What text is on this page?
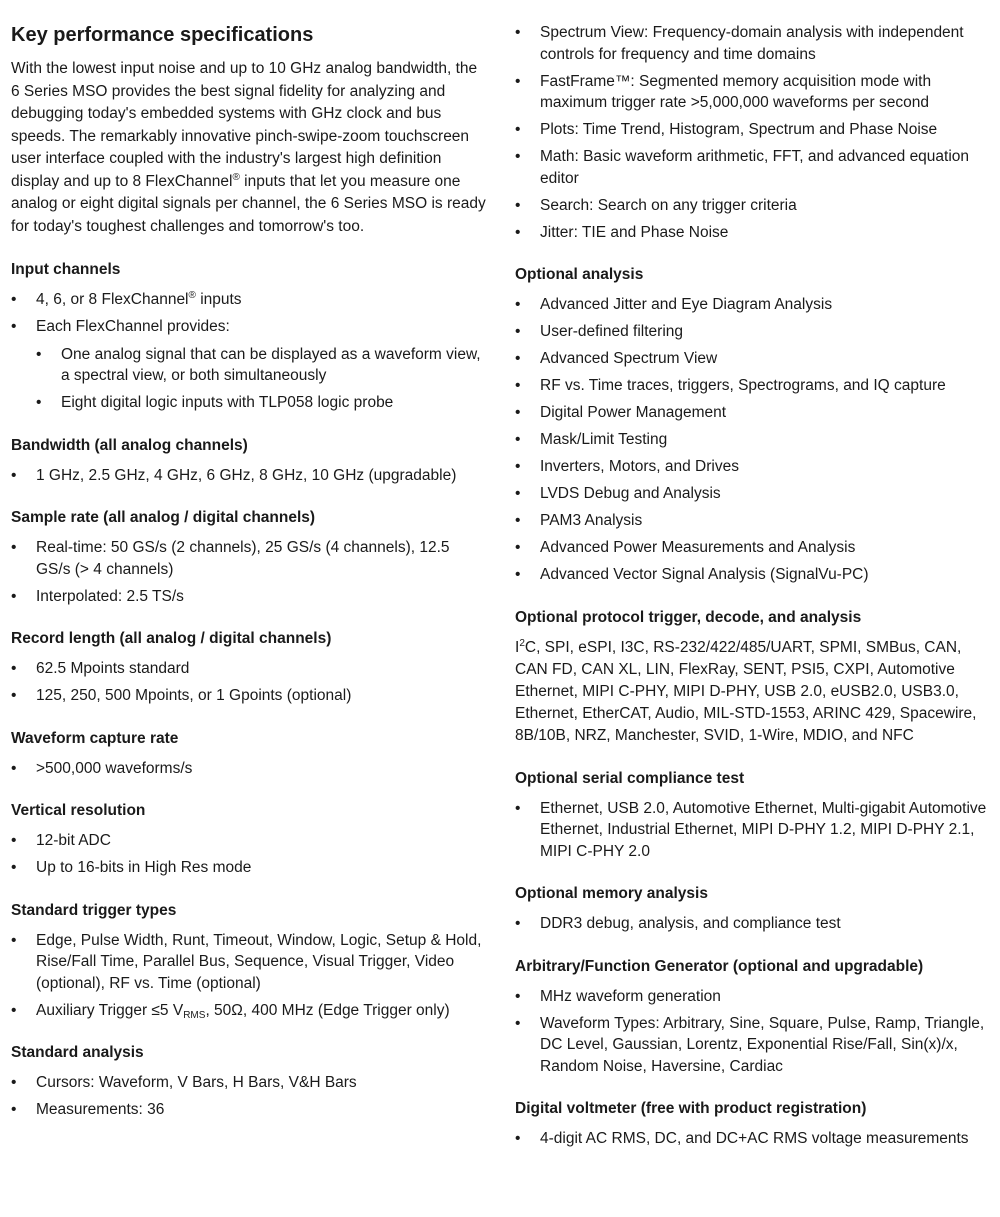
Key performance specifications

With the lowest input noise and up to 10 GHz analog bandwidth, the 6 Series MSO provides the best signal fidelity for analyzing and debugging today's embedded systems with GHz clock and bus speeds. The remarkably innovative pinch-swipe-zoom touchscreen user interface coupled with the industry's largest high definition display and up to 8 FlexChannel® inputs that let you measure one analog or eight digital signals per channel, the 6 Series MSO is ready for today's toughest challenges and tomorrow's too.

Input channels
• 4, 6, or 8 FlexChannel® inputs
• Each FlexChannel provides:
• One analog signal that can be displayed as a waveform view, a spectral view, or both simultaneously
• Eight digital logic inputs with TLP058 logic probe
Bandwidth (all analog channels)
• 1 GHz, 2.5 GHz, 4 GHz, 6 GHz, 8 GHz, 10 GHz (upgradable)
Sample rate (all analog / digital channels)
• Real-time: 50 GS/s (2 channels), 25 GS/s (4 channels), 12.5 GS/s (> 4 channels)
• Interpolated: 2.5 TS/s
Record length (all analog / digital channels)
• 62.5 Mpoints standard
• 125, 250, 500 Mpoints, or 1 Gpoints (optional)
Waveform capture rate
• >500,000 waveforms/s
Vertical resolution
• 12-bit ADC
• Up to 16-bits in High Res mode
Standard trigger types
• Edge, Pulse Width, Runt, Timeout, Window, Logic, Setup & Hold, Rise/Fall Time, Parallel Bus, Sequence, Visual Trigger, Video (optional), RF vs. Time (optional)
• Auxiliary Trigger ≤5 $V_{RMS}$, 50Ω, 400 MHz (Edge Trigger only)
Standard analysis
• Cursors: Waveform, V Bars, H Bars, V&H Bars
• Measurements: 36
• Spectrum View: Frequency-domain analysis with independent controls for frequency and time domains
• FastFrame™: Segmented memory acquisition mode with maximum trigger rate >5,000,000 waveforms per second
• Plots: Time Trend, Histogram, Spectrum and Phase Noise
• Math: Basic waveform arithmetic, FFT, and advanced equation editor
• Search: Search on any trigger criteria
• Jitter: TIE and Phase Noise
Optional analysis
• Advanced Jitter and Eye Diagram Analysis
• User-defined filtering
• Advanced Spectrum View
• RF vs. Time traces, triggers, Spectrograms, and IQ capture
• Digital Power Management
• Mask/Limit Testing
• Inverters, Motors, and Drives
• LVDS Debug and Analysis
• PAM3 Analysis
• Advanced Power Measurements and Analysis
• Advanced Vector Signal Analysis (SignalVu-PC)
Optional protocol trigger, decode, and analysis

$I^2C$, SPI, eSPI, I3C, RS-232/422/485/UART, SPMI, SMBus, CAN, CAN FD, CAN XL, LIN, FlexRay, SENT, PSI5, CXPI, Automotive Ethernet, MIPI C-PHY, MIPI D-PHY, USB 2.0, eUSB2.0, USB3.0, Ethernet, EtherCAT, Audio, MIL-STD-1553, ARINC 429, Spacewire, 8B/10B, NRZ, Manchester, SVID, 1-Wire, MDIO, and NFC

Optional serial compliance test
• Ethernet, USB 2.0, Automotive Ethernet, Multi-gigabit Automotive Ethernet, Industrial Ethernet, MIPI D-PHY 1.2, MIPI D-PHY 2.1, MIPI C-PHY 2.0
Optional memory analysis
• DDR3 debug, analysis, and compliance test
Arbitrary/Function Generator (optional and upgradable)
• MHz waveform generation
• Waveform Types: Arbitrary, Sine, Square, Pulse, Ramp, Triangle, DC Level, Gaussian, Lorentz, Exponential Rise/Fall, Sin(x)/x, Random Noise, Haversine, Cardiac
Digital voltmeter (free with product registration)
• 4-digit AC RMS, DC, and DC+AC RMS voltage measurements
